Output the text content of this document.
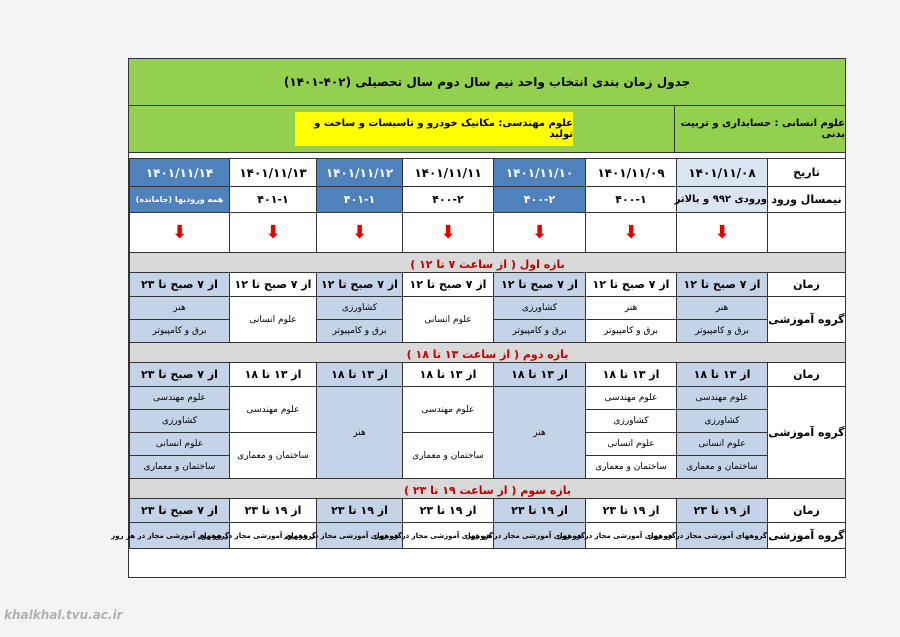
جدول زمان بندی انتخاب واحد نیم سال دوم سال تحصیلی (۴۰۲-۱۴۰۱)
علوم انسانی : حسابداری و تربیت بدنی
علوم مهندسی: مکانیک خودرو و تاسیسات و ساخت و تولید
تاریخ	۱۴۰۱/۱۱/۰۸	۱۴۰۱/۱۱/۰۹	۱۴۰۱/۱۱/۱۰	۱۴۰۱/۱۱/۱۱	۱۴۰۱/۱۱/۱۲	۱۴۰۱/۱۱/۱۳	۱۴۰۱/۱۱/۱۴
نیمسال ورود	ورودی ۹۹۲ و بالاتر	۴۰۰-۱	۴۰۰-۲	۴۰۰-۲	۴۰۱-۱	۴۰۱-۱	همه ورودیها (جامانده)
	⬇	⬇	⬇	⬇	⬇	⬇	⬇
بازه اول ( از ساعت ۷ تا ۱۲ )							
زمان	از ۷ صبح تا ۱۲	از ۷ صبح تا ۱۲	از ۷ صبح تا ۱۲	از ۷ صبح تا ۱۲	از ۷ صبح تا ۱۲	از ۷ صبح تا ۱۲	از ۷ صبح تا ۲۳
گروه آموزشی	هنر	هنر	کشاورزی	علوم انسانی	کشاورزی	علوم انسانی	هنر
	برق و کامپیوتر	برق و کامپیوتر	برق و کامپیوتر		برق و کامپیوتر		برق و کامپیوتر
بازه دوم ( از ساعت ۱۳ تا ۱۸ )							
زمان	از ۱۳ تا ۱۸	از ۱۳ تا ۱۸	از ۱۳ تا ۱۸	از ۱۳ تا ۱۸	از ۱۳ تا ۱۸	از ۱۳ تا ۱۸	از ۷ صبح تا ۲۳
گروه آموزشی	علوم مهندسی	علوم مهندسی	هنر	علوم مهندسی	هنر	علوم مهندسی	علوم مهندسی
	کشاورزی	کشاورزی					کشاورزی
	علوم انسانی	علوم انسانی		ساختمان و معماری		ساختمان و معماری	علوم انسانی
	ساختمان و معماری	ساختمان و معماری					ساختمان و معماری
بازه سوم ( از ساعت ۱۹ تا ۲۳ )							
زمان	از ۱۹ تا ۲۳	از ۱۹ تا ۲۳	از ۱۹ تا ۲۳	از ۱۹ تا ۲۳	از ۱۹ تا ۲۳	از ۱۹ تا ۲۳	از ۷ صبح تا ۲۳
گروه آموزشی	گروههای آموزشی مجاز در هر روز	گروههای آموزشی مجاز در هر روز	گروههای آموزشی مجاز در هر روز	گروههای آموزشی مجاز در هر روز	گروههای آموزشی مجاز در هر روز	گروههای آموزشی مجاز در هر روز	گروههای آموزشی مجاز در هر روز
khalkhal.tvu.ac.ir
